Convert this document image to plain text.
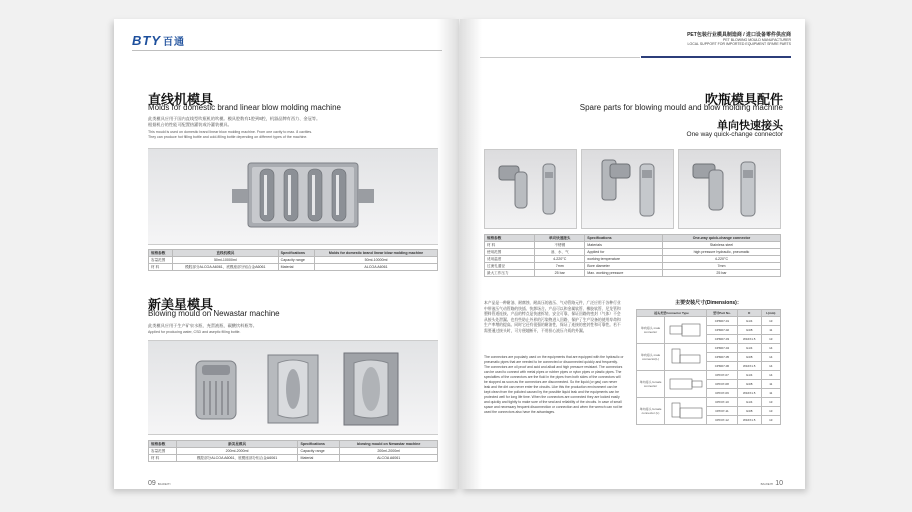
BTY 百通
直线机模具
Molds for domestic brand linear blow molding machine
此类模具应用于国内直线型吹瓶机的吹模。模具腔数有1腔到8腔，机器品牌有西力、金冠等。
根据机台的性能可配置热灌装或冷灌装模具。
This mould is used on domestic brand linear blow molding machine. From one cavity to max. 8 cavities.
They can produce hot filling bottle and cold-filling bottle depending on different types of the machine.
规格参数	直线机模具	Specifications	Molds for domestic brand linear blow molding machine
容量范围	50ml-10000ml	Capacity range	50ml-10000ml
材 料	模腔部分ALCOA A6061，底模座部分铝合金A6061	Material	ALCOA A6061
新美星模具
Blowing mould on Newastar machine
此类模具应用于生产矿泉水瓶、充蛋液瓶、碳酸饮料瓶等。
Applied for producing water, CSD and aseptic filling bottle.
规格参数	新美星模具	Specifications	blowing mould on Newastar machine
容量范围	200ml-2000ml	Capacity range	200ml-2000ml
材 料	模腔部分ALCOA A6061，底模座部分铝合金A6061	Material	ALCOA A6061
09 BAIJIEITI
PET包装行业模具制造商 / 进口设备零件供应商
PET BLOWING MOULD MANUFACTURER
LOCAL SUPPORT FOR IMPORTED EQUIPMENT SPARE PARTS
吹瓶模具配件
Spare parts for blowing mould and blow molding machine
单向快速接头
One way quick-change connector
规格参数	单向快速接头	Specifications	One-way quick-change connector
材 料	不锈钢	Materials	Stainless steel
使用范围	油、水、气	Applied for	high pressure hydraulic, pneumatic
适用温度	4-220°C	working temperature	4-220°C
过流孔通径	7mm	Bore diameter	7mm
最大工作压力	25 bar	Max. working pressure	25 bar
本产品是一种耐油、耐腐蚀、耐高压的液压、气动管路元件，广泛应用于各种行业中带液压气动管路的快插、快卸场合。产品可以和金属软管、橡胶软管、尼龙管和塑料管道连接。产品的特点是快速拆装、安全可靠，保证回路的密封（气体）不会从接头处泄漏。也有些防止外界的污染物进入回路，保护了生产设备的使用寿命和生产率增的提高。同时它还有很强的耐油性，保证了连接的密封性和可靠性。若不需要通过接头时，可方便地断开，不用担心液压介质的外漏。
The connectors are popularly used on the equipments that are equipped with the hydraulic or pneumatic pipes that are needed to be connected or disconnected quickly and frequently. The connectors are oil proof and acid and alkali and high pressure resistant. The connectors can be used to connect with metal pipes or rubber pipes or nylon pipes or plastic pipes. The specialties of the connectors are the fluid in the pipes from both sides of the connectors will be stopped as soon as the connectors are disconnected. So the liquid (or gas) can never leak and the dirt can never enter the circuits. Like this the production environment can be kept clean from the polluted caused by the possible liquid leak and the equipments can be protected well for long life time. When the connectors are connected they are locked easily and quickly and tightly to make sure of the seal and reliability of the circuits. In case of small space and necessary frequent disconnection or connection and when the wrench can not be used the connectors also have the advantages.
主要安装尺寸(Dimensions)：
接头类型Connector Type		型号Part No.	D	L(mm)
单向接头 male connector		CPM07-01	G1/4	13
		CPM07-02	G3/8	11
		CPM07-03	W16X1.5	13
单向接头 male connector(L)		CPM07-04	G1/4	14
		CPM07-05	G3/8	14
		CPM07-06	W16X1.5	14
单向接头 female connector		CPF07-07	G1/4	14
		CPF07-08	G3/8	11
		CPF07-09	W16X1.5	11
单向接头 female connector (L)		CPF07-10	G1/4	13
		CPF07-11	G3/8	13
		CPF07-12	W16X1.5	13
BAIJIEITI 10
